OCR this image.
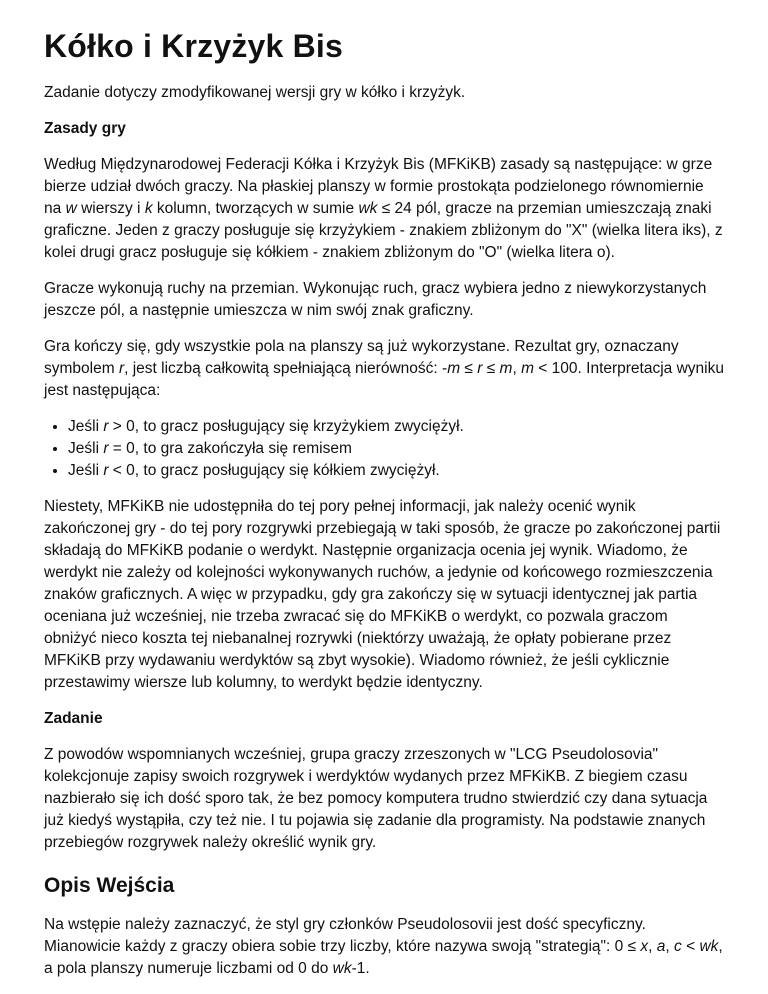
Kółko i Krzyżyk Bis

Zadanie dotyczy zmodyfikowanej wersji gry w kółko i krzyżyk.

Zasady gry

Według Międzynarodowej Federacji Kółka i Krzyżyk Bis (MFKiKB) zasady są następujące: w grze bierze udział dwóch graczy. Na płaskiej planszy w formie prostokąta podzielonego równomiernie na w wierszy i k kolumn, tworzących w sumie wk ≤ 24 pól, gracze na przemian umieszczają znaki graficzne. Jeden z graczy posługuje się krzyżykiem - znakiem zbliżonym do "X" (wielka litera iks), z kolei drugi gracz posługuje się kółkiem - znakiem zbliżonym do "O" (wielka litera o).

Gracze wykonują ruchy na przemian. Wykonując ruch, gracz wybiera jedno z niewykorzystanych jeszcze pól, a następnie umieszcza w nim swój znak graficzny.

Gra kończy się, gdy wszystkie pola na planszy są już wykorzystane. Rezultat gry, oznaczany symbolem r, jest liczbą całkowitą spełniającą nierówność: -m ≤ r ≤ m, m < 100. Interpretacja wyniku jest następująca:

• Jeśli r > 0, to gracz posługujący się krzyżykiem zwyciężył.
• Jeśli r = 0, to gra zakończyła się remisem
• Jeśli r < 0, to gracz posługujący się kółkiem zwyciężył.

Niestety, MFKiKB nie udostępniła do tej pory pełnej informacji, jak należy ocenić wynik zakończonej gry - do tej pory rozgrywki przebiegają w taki sposób, że gracze po zakończonej partii składają do MFKiKB podanie o werdykt. Następnie organizacja ocenia jej wynik. Wiadomo, że werdykt nie zależy od kolejności wykonywanych ruchów, a jedynie od końcowego rozmieszczenia znaków graficznych. A więc w przypadku, gdy gra zakończy się w sytuacji identycznej jak partia oceniana już wcześniej, nie trzeba zwracać się do MFKiKB o werdykt, co pozwala graczom obniżyć nieco koszta tej niebanalnej rozrywki (niektórzy uważają, że opłaty pobierane przez MFKiKB przy wydawaniu werdyktów są zbyt wysokie). Wiadomo również, że jeśli cyklicznie przestawimy wiersze lub kolumny, to werdykt będzie identyczny.

Zadanie

Z powodów wspomnianych wcześniej, grupa graczy zrzeszonych w "LCG Pseudolosovia" kolekcjonuje zapisy swoich rozgrywek i werdyktów wydanych przez MFKiKB. Z biegiem czasu nazbierało się ich dość sporo tak, że bez pomocy komputera trudno stwierdzić czy dana sytuacja już kiedyś wystąpiła, czy też nie. I tu pojawia się zadanie dla programisty. Na podstawie znanych przebiegów rozgrywek należy określić wynik gry.

Opis Wejścia

Na wstępie należy zaznaczyć, że styl gry członków Pseudolosovii jest dość specyficzny. Mianowicie każdy z graczy obiera sobie trzy liczby, które nazywa swoją "strategią": 0 ≤ x, a, c < wk, a pola planszy numeruje liczbami od 0 do wk-1.
